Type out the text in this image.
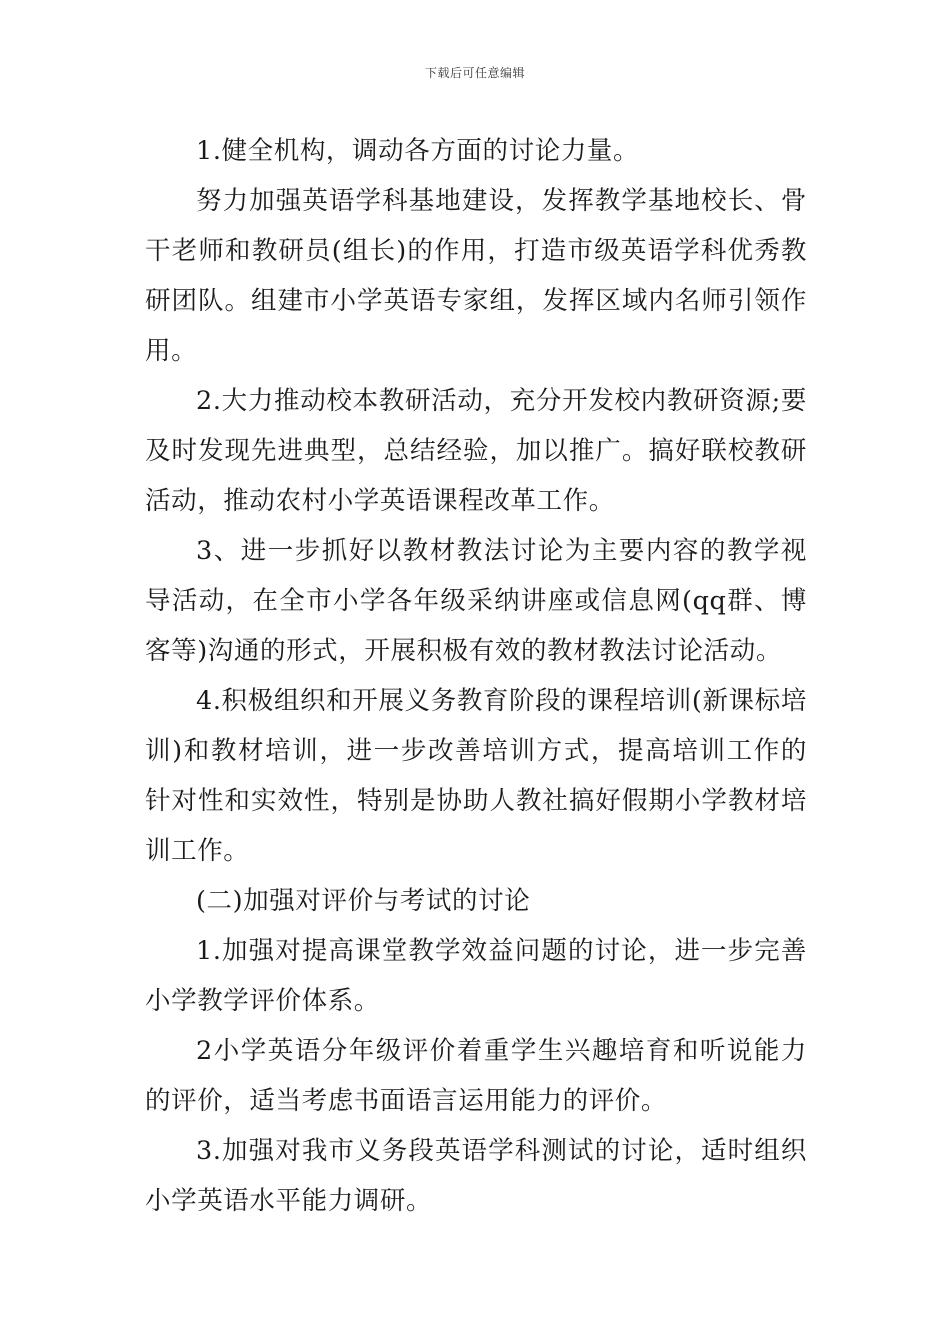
下载后可任意编辑

1.健全机构，调动各方面的讨论力量。

努力加强英语学科基地建设，发挥教学基地校长、骨干老师和教研员(组长)的作用，打造市级英语学科优秀教研团队。组建市小学英语专家组，发挥区域内名师引领作用。

2.大力推动校本教研活动，充分开发校内教研资源;要及时发现先进典型，总结经验，加以推广。搞好联校教研活动，推动农村小学英语课程改革工作。

3、进一步抓好以教材教法讨论为主要内容的教学视导活动，在全市小学各年级采纳讲座或信息网(qq群、博客等)沟通的形式，开展积极有效的教材教法讨论活动。

4.积极组织和开展义务教育阶段的课程培训(新课标培训)和教材培训，进一步改善培训方式，提高培训工作的针对性和实效性，特别是协助人教社搞好假期小学教材培训工作。

(二)加强对评价与考试的讨论

1.加强对提高课堂教学效益问题的讨论，进一步完善小学教学评价体系。

2小学英语分年级评价着重学生兴趣培育和听说能力的评价，适当考虑书面语言运用能力的评价。

3.加强对我市义务段英语学科测试的讨论，适时组织小学英语水平能力调研。
